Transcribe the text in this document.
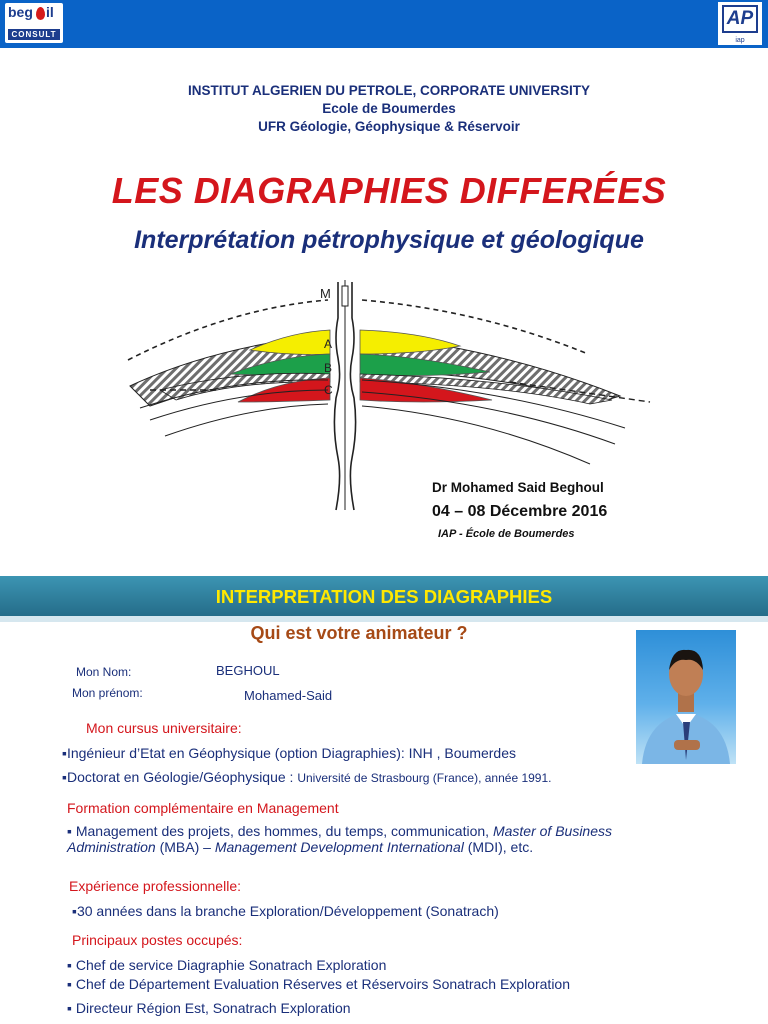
beg il
CONSULT
AP
iap
INSTITUT ALGERIEN DU PETROLE, CORPORATE UNIVERSITY
Ecole de Boumerdes
UFR Géologie, Géophysique & Réservoir
LES DIAGRAPHIES DIFFERÉES
Interprétation pétrophysique et géologique
M
A
B
C
Dr Mohamed Said Beghoul
04 – 08 Décembre 2016
IAP - École de Boumerdes
INTERPRETATION DES DIAGRAPHIES
Qui est votre animateur ?
Mon Nom:	BEGHOUL
Mon prénom:	Mohamed-Said
Mon cursus universitaire:
▪Ingénieur d’Etat en Géophysique (option Diagraphies): INH , Boumerdes
▪Doctorat en Géologie/Géophysique : Université de Strasbourg (France), année 1991.
Formation complémentaire en Management
▪ Management des projets, des hommes, du temps, communication, Master of Business
Administration (MBA) – Management Development International (MDI), etc.
Expérience professionnelle:
▪30 années dans la branche Exploration/Développement (Sonatrach)
Principaux postes occupés:
▪ Chef de service Diagraphie Sonatrach Exploration
▪ Chef de Département Evaluation Réserves et Réservoirs Sonatrach Exploration
▪ Directeur Région Est, Sonatrach Exploration
